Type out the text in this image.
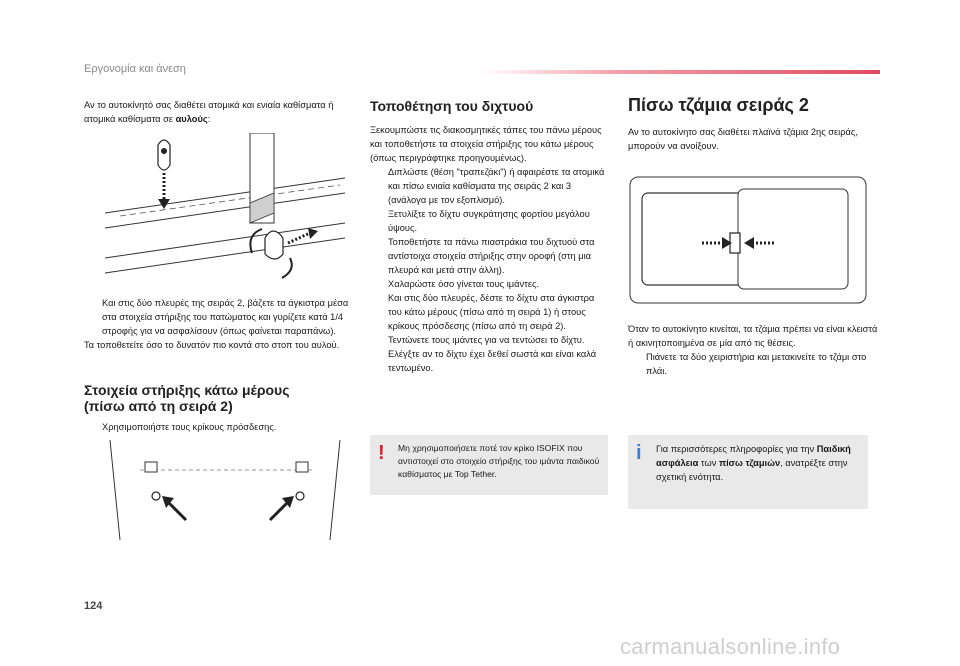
Εργονομία και άνεση
Αν το αυτοκίνητό σας διαθέτει ατομικά και ενιαία καθίσματα ή ατομικά καθίσματα σε αυλούς:

Και στις δύο πλευρές της σειράς 2, βάζετε τα άγκιστρα μέσα στα στοιχεία στήριξης του πατώματος και γυρίζετε κατά 1/4 στροφής για να ασφαλίσουν (όπως φαίνεται παραπάνω).

Τα τοποθετείτε όσο το δυνατόν πιο κοντά στο στοπ του αυλού.

Στοιχεία στήριξης κάτω μέρους
(πίσω από τη σειρά 2)

Χρησιμοποιήστε τους κρίκους πρόσδεσης.

Τοποθέτηση του διχτυού

Ξεκουμπώστε τις διακοσμητικές τάπες του πάνω μέρους και τοποθετήστε τα στοιχεία στήριξης του κάτω μέρους (όπως περιγράφτηκε προηγουμένως).

Διπλώστε (θέση "τραπεζάκι") ή αφαιρέστε τα ατομικά και πίσω ενιαία καθίσματα της σειράς 2 και 3 (ανάλογα με τον εξοπλισμό).

Ξετυλίξτε το δίχτυ συγκράτησης φορτίου μεγάλου ύψους.

Τοποθετήστε τα πάνω πιαστράκια του διχτυού στα αντίστοιχα στοιχεία στήριξης στην οροφή (στη μια πλευρά και μετά στην άλλη).

Χαλαρώστε όσο γίνεται τους ιμάντες.

Και στις δύο πλευρές, δέστε το δίχτυ στα άγκιστρα του κάτω μέρους (πίσω από τη σειρά 1) ή στους κρίκους πρόσδεσης (πίσω από τη σειρά 2).

Τεντώνετε τους ιμάντες για να τεντώσει το δίχτυ.

Ελέγξτε αν το δίχτυ έχει δεθεί σωστά και είναι καλά τεντωμένο.

! Μη χρησιμοποιήσετε ποτέ τον κρίκο ISOFIX που αντιστοιχεί στο στοιχείο στήριξης του ιμάντα παιδικού καθίσματος με Top Tether.
Πίσω τζάμια σειράς 2
Αν το αυτοκίνητο σας διαθέτει πλαϊνά τζάμια 2ης σειράς, μπορούν να ανοίξουν.

Όταν το αυτοκίνητο κινείται, τα τζάμια πρέπει να είναι κλειστά ή ακινητοποιημένα σε μία από τις θέσεις.

Πιάνετε τα δύο χειριστήρια και μετακινείτε το τζάμι στο πλάι.

i Για περισσότερες πληροφορίες για την Παιδική ασφάλεια των πίσω τζαμιών, ανατρέξτε στην σχετική ενότητα.
124
carmanualsonline.info
